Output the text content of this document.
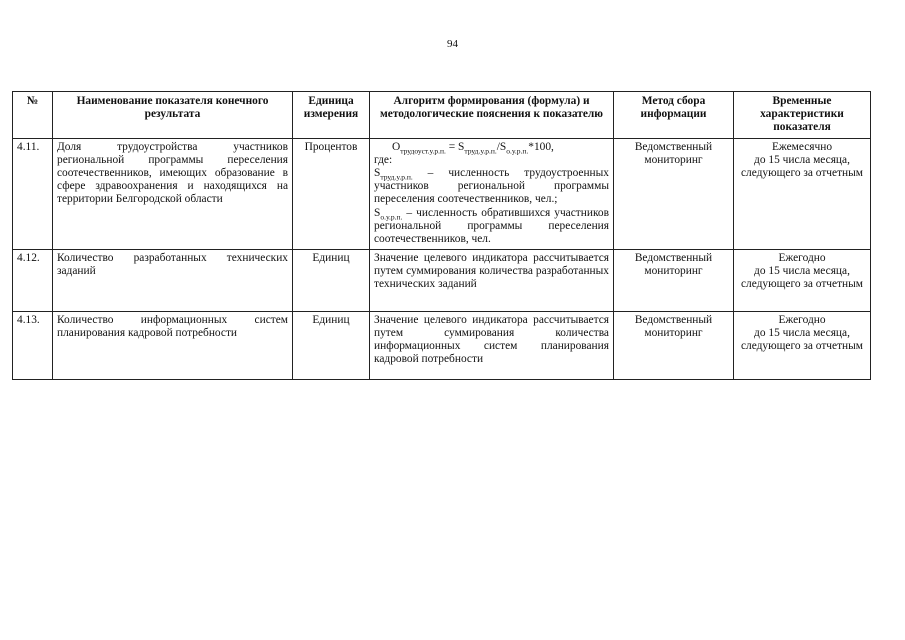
94
№	Наименование показателя конечного результата	Единица измерения	Алгоритм формирования (формула) и методологические пояснения к показателю	Метод сбора информации	Временные характеристики показателя
4.11.	Доля трудоустройства участников региональной программы переселения соотечественников, имеющих образование в сфере здравоохранения и находящихся на территории Белгородской области	Процентов	$O_{трудоуст.у.р.п.} = S_{труд.у.р.п.}/S_{о.у.р.п.}*100$,
где:
$S_{труд.у.р.п.}$ – численность трудоустроенных участников региональной программы переселения соотечественников, чел.;
$S_{о.у.р.п.}$ – численность обратившихся участников региональной программы переселения соотечественников, чел.	Ведомственный мониторинг	Ежемесячно
до 15 числа месяца, следующего за отчетным

4.12.	Количество разработанных технических заданий	Единиц	Значение целевого индикатора рассчитывается путем суммирования количества разработанных технических заданий	Ведомственный мониторинг	Ежегодно
до 15 числа месяца, следующего за отчетным

4.13.	Количество информационных систем планирования кадровой потребности	Единиц	Значение целевого индикатора рассчитывается путем суммирования количества информационных систем планирования кадровой потребности	Ведомственный мониторинг	Ежегодно
до 15 числа месяца, следующего за отчетным
